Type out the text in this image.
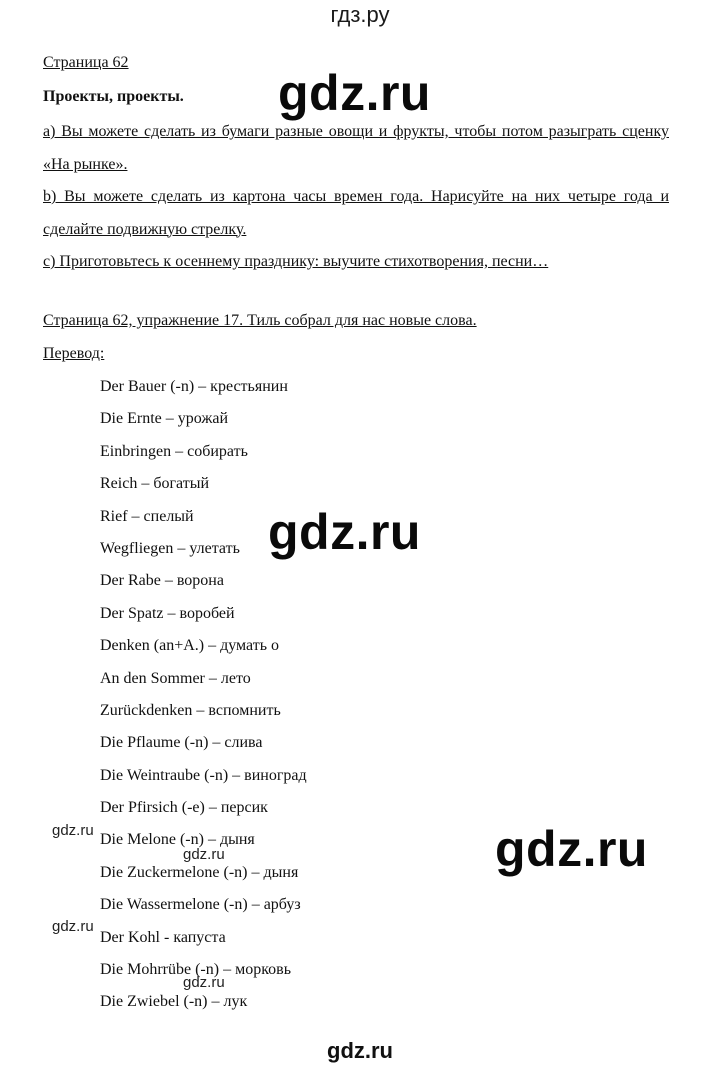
гдз.ру
Страница 62
Проекты, проекты.

a) Вы можете сделать из бумаги разные овощи и фрукты, чтобы потом разыграть сценку «На рынке».

b) Вы можете сделать из картона часы времен года. Нарисуйте на них четыре года и сделайте подвижную стрелку.

c) Приготовьтесь к осеннему празднику: выучите стихотворения, песни…

Страница 62, упражнение 17. Тиль собрал для нас новые слова.
Перевод:
Der Bauer (-n) – крестьянин
Die Ernte – урожай
Einbringen – собирать
Reich – богатый
Rief – спелый
Wegfliegen – улетать
Der Rabe – ворона
Der Spatz – воробей
Denken (an+A.) – думать о
An den Sommer – лето
Zurückdenken – вспомнить
Die Pflaume (-n) – слива
Die Weintraube (-n) – виноград
Der Pfirsich (-e) – персик
Die Melone (-n) – дыня
Die Zuckermelone (-n) – дыня
Die Wassermelone (-n) – арбуз
Der Kohl - капуста
Die Mohrrübe (-n) – морковь
Die Zwiebel (-n) – лук
gdz.ru
gdz.ru
gdz.ru
gdz.ru
gdz.ru
gdz.ru
gdz.ru
gdz.ru
